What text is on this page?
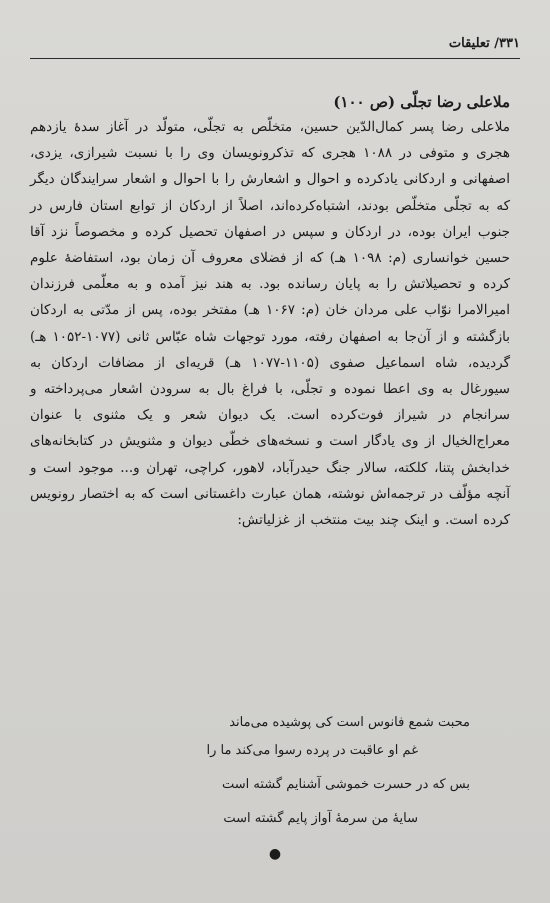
۳۳۱/ تعلیقات
ملاعلی رضا تجلّی (ص ۱۰۰)

ملاعلی رضا پسر کمال‌الدّین حسین، متخلّص به تجلّی، متولّد در آغاز سدهٔ یازدهم هجری و متوفی در ۱۰۸۸ هجری که تذکرونویسان وی را با نسبت شیرازی، یزدی، اصفهانی و اردکانی یادکرده و احوال و اشعارش را با احوال و اشعار سرایندگان دیگر که به تجلّی متخلّص بودند، اشتباه‌کرده‌اند، اصلاً از اردکان از توابع استان فارس در جنوب ایران بوده، در اردکان و سپس در اصفهان تحصیل کرده و مخصوصاً نزد آقا حسین خوانساری (م: ۱۰۹۸ هـ) که از فضلای معروف آن زمان بود، استفاضهٔ علوم کرده و تحصیلاتش را به پایان رسانده بود. به هند نیز آمده و به معلّمی فرزندان امیرالامرا نوّاب علی مردان خان (م: ۱۰۶۷ هـ) مفتخر بوده، پس از مدّتی به اردکان بازگشته و از آن‌جا به اصفهان رفته، مورد توجهات شاه عبّاس ثانی (۱۰۷۷-۱۰۵۲ هـ) گردیده، شاه اسماعیل صفوی (۱۱۰۵-۱۰۷۷ هـ) قریه‌ای از مضافات اردکان به سیورغال به وی اعطا نموده و تجلّی، با فراغ بال به سرودن اشعار می‌پرداخته و سرانجام در شیراز فوت‌کرده است. یک دیوان شعر و یک مثنوی با عنوان معراج‌الخیال از وی یادگار است و نسخه‌های خطّی دیوان و مثنویش در کتابخانه‌های خدابخش پتنا، کلکته، سالار جنگ حیدرآباد، لاهور، کراچی، تهران و... موجود است و آنچه مؤلّف در ترجمه‌اش نوشته، همان عبارت داغستانی است که به اختصار رونویس کرده است. و اینک چند بیت منتخب از غزلیاتش:

محبت شمع فانوس است کی پوشیده می‌ماند
غم او عاقبت در پرده رسوا می‌کند ما را
بس که در حسرت خموشی آشنایم گشته است
سایهٔ من سرمهٔ آواز پایم گشته است
●
